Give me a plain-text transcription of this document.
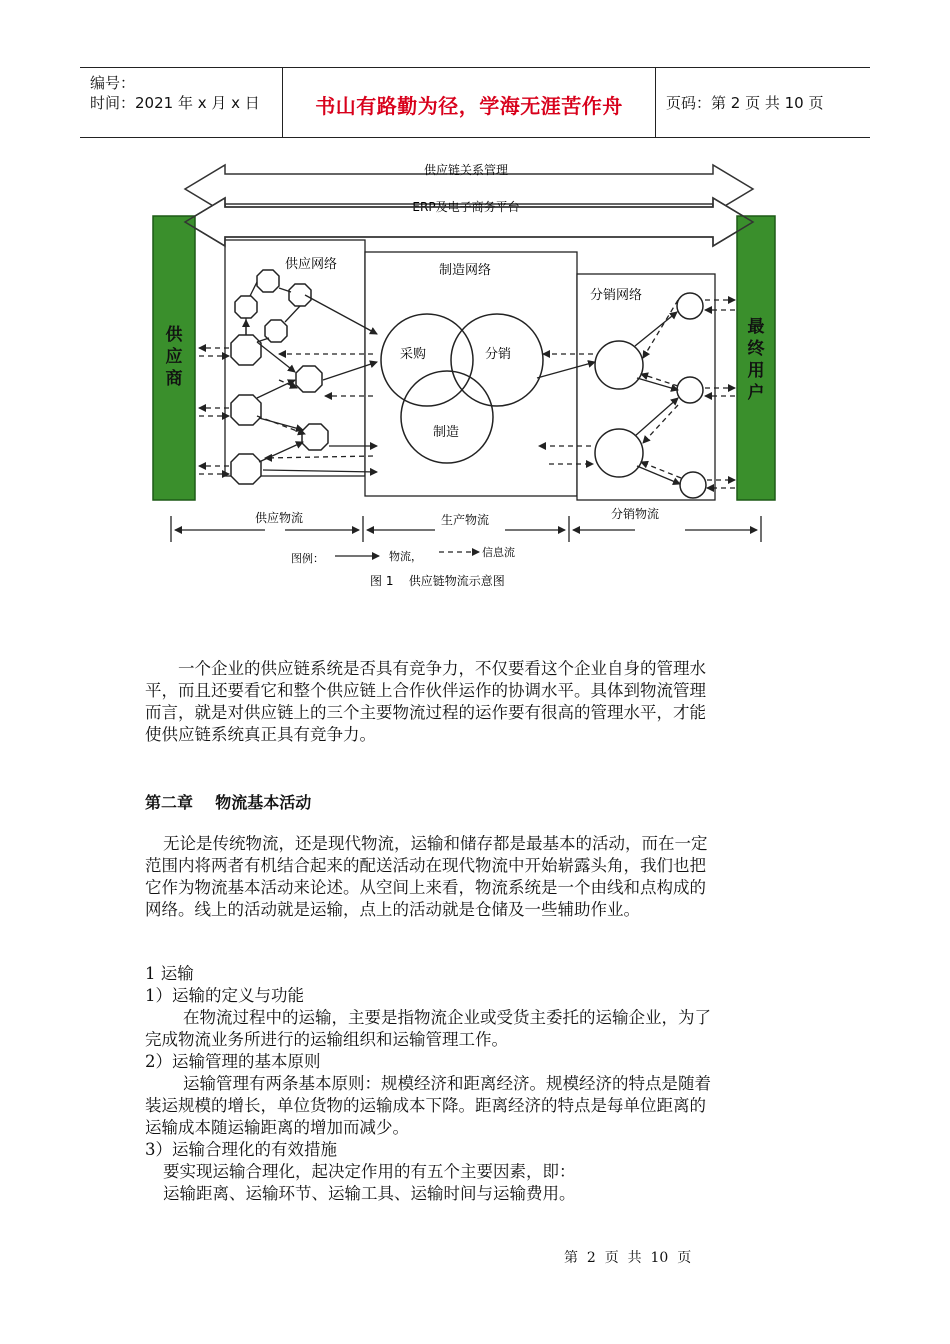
编号：
时间：2021 年 x 月 x 日	书山有路勤为径，学海无涯苦作舟	页码：第 2 页 共 10 页
供应链关系管理
ERP及电子商务平台
供应商
最终用户
供应网络	制造网络
分销网络
采购	分销
制造
供应物流	生产物流	分销物流
图例：	物流，	信息流
图 1    供应链物流示意图

一个企业的供应链系统是否具有竞争力，不仅要看这个企业自身的管理水

平，而且还要看它和整个供应链上合作伙伴运作的协调水平。具体到物流管理

而言，就是对供应链上的三个主要物流过程的运作要有很高的管理水平，才能

使供应链系统真正具有竞争力。

第二章    物流基本活动

无论是传统物流，还是现代物流，运输和储存都是最基本的活动，而在一定

范围内将两者有机结合起来的配送活动在现代物流中开始崭露头角，我们也把

它作为物流基本活动来论述。从空间上来看，物流系统是一个由线和点构成的

网络。线上的活动就是运输，点上的活动就是仓储及一些辅助作业。

1 运输

1）运输的定义与功能

在物流过程中的运输，主要是指物流企业或受货主委托的运输企业，为了

完成物流业务所进行的运输组织和运输管理工作。

2）运输管理的基本原则

运输管理有两条基本原则：规模经济和距离经济。规模经济的特点是随着

装运规模的增长，单位货物的运输成本下降。距离经济的特点是每单位距离的

运输成本随运输距离的增加而减少。

3）运输合理化的有效措施

要实现运输合理化，起决定作用的有五个主要因素，即：

运输距离、运输环节、运输工具、运输时间与运输费用。

第  2  页  共  10  页
